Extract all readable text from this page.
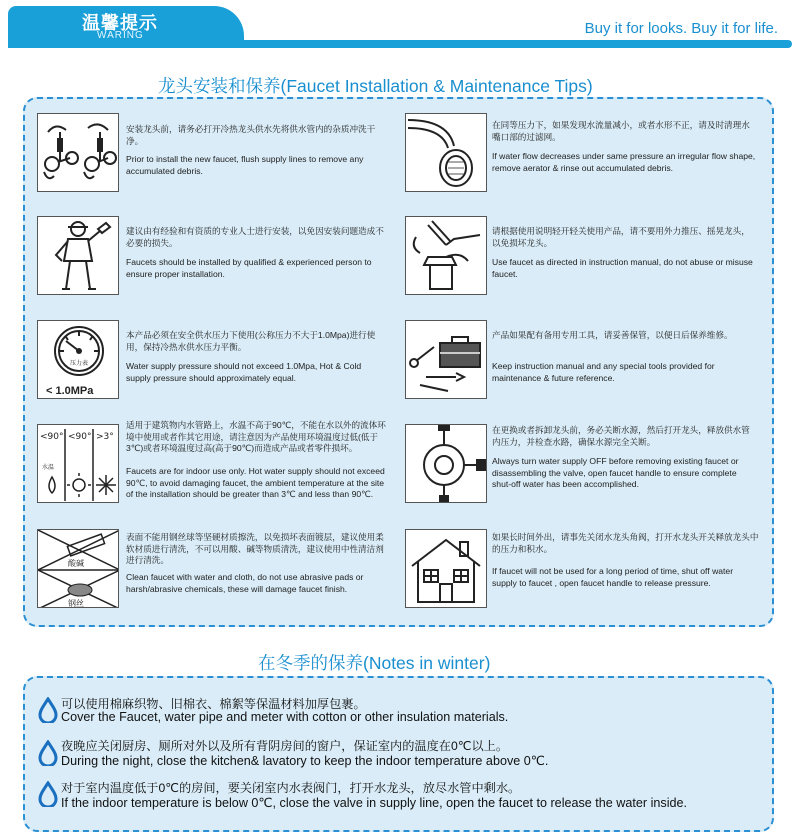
温馨提示
WARING	Buy it for looks. Buy it for life.
龙头安装和保养(Faucet Installation & Maintenance Tips)
安装龙头前，请务必打开冷热龙头供水先将供水管内的杂质冲洗干净。
Prior to install the new faucet, flush supply lines to remove any accumulated debris.
建议由有经验和有资质的专业人士进行安装，以免因安装问题造成不必要的损失。
Faucets should be installed by qualified & experienced person to ensure proper installation.
压力表
< 1.0MPa
本产品必须在安全供水压力下使用(公称压力不大于1.0Mpa)进行使用，保持冷热水供水压力平衡。
Water supply pressure should not exceed 1.0Mpa, Hot & Cold supply pressure should approximately equal.
<90° <90° >3°
水温
适用于建筑物内水管路上，水温不高于90℃，不能在水以外的流体环境中使用或者作其它用途，请注意因为产品使用环境温度过低(低于3℃)或者环境温度过高(高于90℃)而造成产品或者零件损坏。
Faucets are for indoor use only. Hot water supply should not exceed 90℃, to avoid damaging faucet, the ambient temperature at the site of the installation should be greater than 3℃ and less than 90℃.
酸碱
钢丝
表面不能用钢丝球等坚硬材质擦洗，以免损坏表面镀层，建议使用柔软材质进行清洗，不可以用酸、碱等物质清洗，建议使用中性清洁剂进行清洗。
Clean faucet with water and cloth, do not use abrasive pads or harsh/abrasive chemicals, these will damage faucet finish.
在同等压力下，如果发现水流量减小，或者水形不正，请及时清理水嘴口部的过滤网。
If water flow decreases under same pressure an irregular flow shape, remove aerator & rinse out accumulated debris.
请根据使用说明轻开轻关使用产品，请不要用外力推压、摇晃龙头，以免损坏龙头。
Use faucet as directed in instruction manual, do not abuse or misuse faucet.
产品如果配有备用专用工具，请妥善保管，以便日后保养维修。
Keep instruction manual and any special tools provided for maintenance & future reference.
在更换或者拆卸龙头前，务必关断水源，然后打开龙头，释放供水管内压力，并检查水路，确保水源完全关断。
Always turn water supply OFF before removing existing faucet or disassembling the valve, open faucet handle to ensure complete shut-off water has been accomplished.
如果长时间外出，请事先关闭水龙头角阀，打开水龙头开关释放龙头中的压力和积水。
If faucet will not be used for a long period of time, shut off water supply to faucet , open faucet handle to release pressure.
在冬季的保养(Notes in winter)
可以使用棉麻织物、旧棉衣、棉絮等保温材料加厚包裹。
Cover the Faucet, water pipe and meter with cotton or other insulation materials.
夜晚应关闭厨房、厕所对外以及所有背阴房间的窗户，保证室内的温度在0℃以上。
During the night, close the kitchen& lavatory to keep the indoor temperature above 0℃.
对于室内温度低于0℃的房间，要关闭室内水表阀门，打开水龙头，放尽水管中剩水。
If the indoor temperature is below 0℃, close the valve in supply line, open the faucet to release the water inside.
